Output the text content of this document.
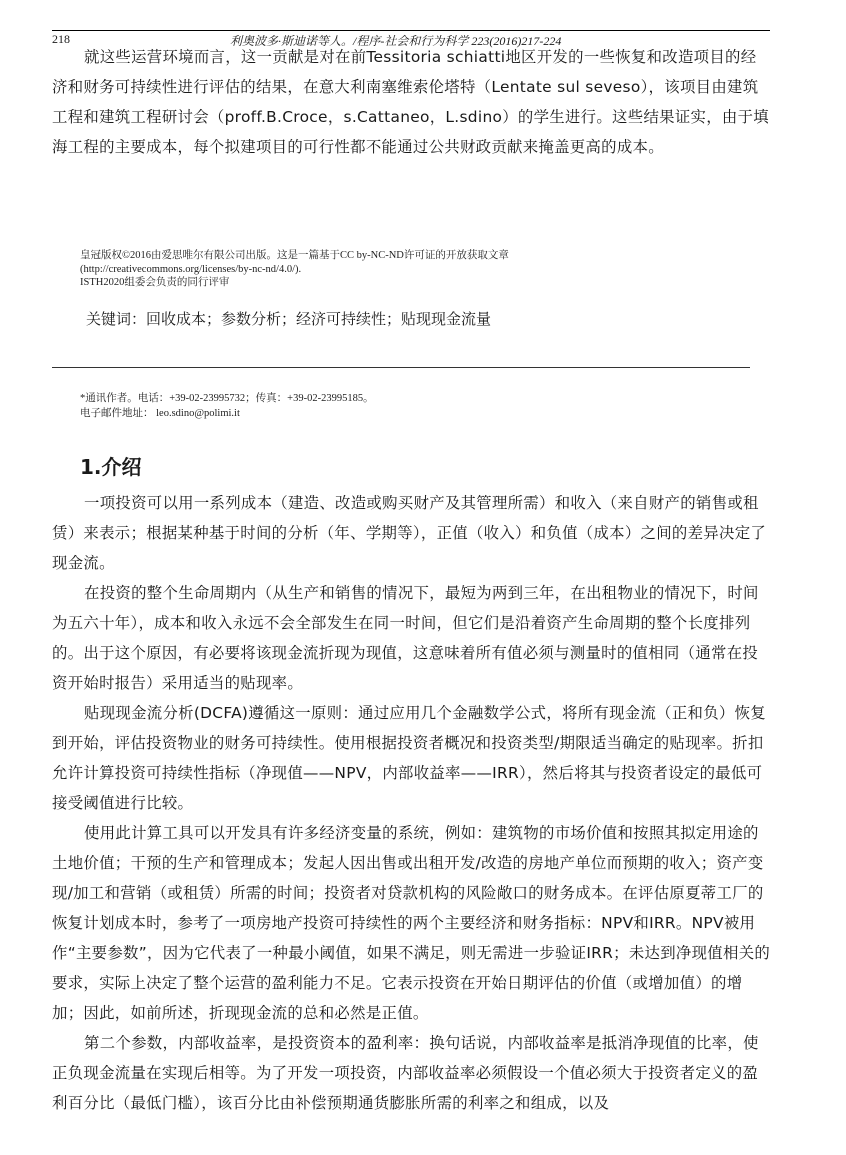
218	利奥波多·斯迪诺等人。/程序-社会和行为科学 223(2016)217-224

就这些运营环境而言，这一贡献是对在前Tessitoria schiatti地区开发的一些恢复和改造项目的经济和财务可持续性进行评估的结果，在意大利南塞维索伦塔特（Lentate sul seveso），该项目由建筑工程和建筑工程研讨会（proff.B.Croce，s.Cattaneo，L.sdino）的学生进行。这些结果证实，由于填海工程的主要成本，每个拟建项目的可行性都不能通过公共财政贡献来掩盖更高的成本。

皇冠版权©2016由爱思唯尔有限公司出版。这是一篇基于CC by-NC-ND许可证的开放获取文章
(http://creativecommons.org/licenses/by-nc-nd/4.0/).
ISTH2020组委会负责的同行评审
关键词：回收成本；参数分析；经济可持续性；贴现现金流量
*通讯作者。电话：+39-02-23995732；传真：+39-02-23995185。
电子邮件地址： leo.sdino@polimi.it
1.介绍

一项投资可以用一系列成本（建造、改造或购买财产及其管理所需）和收入（来自财产的销售或租赁）来表示；根据某种基于时间的分析（年、学期等），正值（收入）和负值（成本）之间的差异决定了现金流。

在投资的整个生命周期内（从生产和销售的情况下，最短为两到三年，在出租物业的情况下，时间为五六十年），成本和收入永远不会全部发生在同一时间，但它们是沿着资产生命周期的整个长度排列的。出于这个原因，有必要将该现金流折现为现值，这意味着所有值必须与测量时的值相同（通常在投资开始时报告）采用适当的贴现率。

贴现现金流分析(DCFA)遵循这一原则：通过应用几个金融数学公式，将所有现金流（正和负）恢复到开始，评估投资物业的财务可持续性。使用根据投资者概况和投资类型/期限适当确定的贴现率。折扣允许计算投资可持续性指标（净现值——NPV，内部收益率——IRR），然后将其与投资者设定的最低可接受阈值进行比较。

使用此计算工具可以开发具有许多经济变量的系统，例如：建筑物的市场价值和按照其拟定用途的土地价值；干预的生产和管理成本；发起人因出售或出租开发/改造的房地产单位而预期的收入；资产变现/加工和营销（或租赁）所需的时间；投资者对贷款机构的风险敞口的财务成本。在评估原夏蒂工厂的恢复计划成本时，参考了一项房地产投资可持续性的两个主要经济和财务指标：NPV和IRR。NPV被用作“主要参数”，因为它代表了一种最小阈值，如果不满足，则无需进一步验证IRR；未达到净现值相关的要求，实际上决定了整个运营的盈利能力不足。它表示投资在开始日期评估的价值（或增加值）的增加；因此，如前所述，折现现金流的总和必然是正值。

第二个参数，内部收益率，是投资资本的盈利率：换句话说，内部收益率是抵消净现值的比率，使正负现金流量在实现后相等。为了开发一项投资，内部收益率必须假设一个值必须大于投资者定义的盈利百分比（最低门槛），该百分比由补偿预期通货膨胀所需的利率之和组成，以及
